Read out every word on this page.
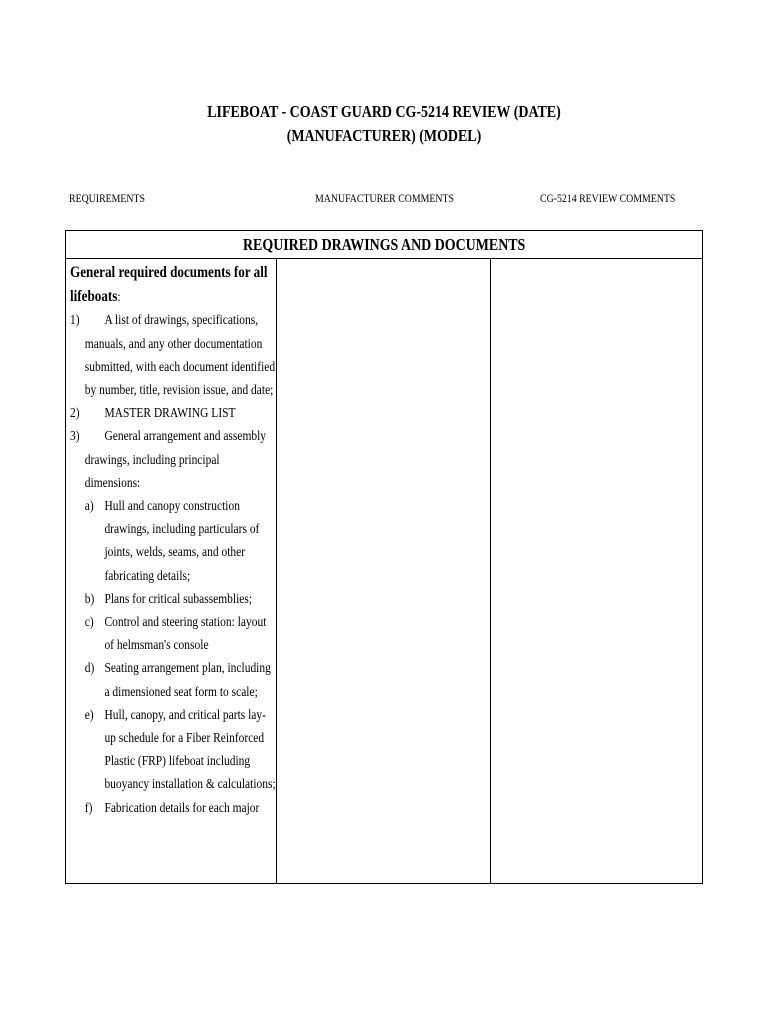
LIFEBOAT - COAST GUARD CG-5214 REVIEW (DATE)
(MANUFACTURER) (MODEL)
REQUIREMENTS	MANUFACTURER COMMENTS	CG-5214 REVIEW COMMENTS
REQUIRED DRAWINGS AND DOCUMENTS
General required documents for all lifeboats:
1) A list of drawings, specifications, manuals, and any other documentation submitted, with each document identified by number, title, revision issue, and date;
2) MASTER DRAWING LIST
3) General arrangement and assembly drawings, including principal dimensions:
a) Hull and canopy construction drawings, including particulars of joints, welds, seams, and other fabricating details;
b) Plans for critical subassemblies;
c) Control and steering station: layout of helmsman's console
d) Seating arrangement plan, including a dimensioned seat form to scale;
e) Hull, canopy, and critical parts lay-up schedule for a Fiber Reinforced Plastic (FRP) lifeboat including buoyancy installation & calculations;
f) Fabrication details for each major
